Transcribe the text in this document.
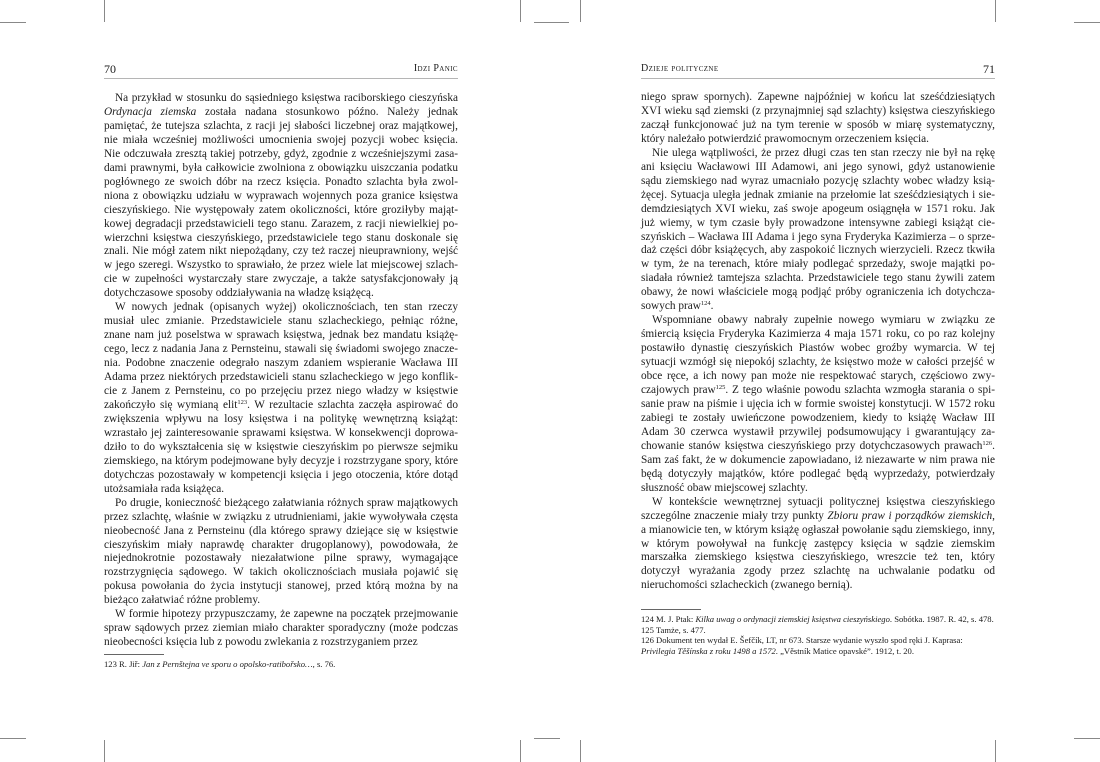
70	Idzi Panic

Na przykład w stosunku do sąsiedniego księstwa raciborskiego cieszyńska Ordynacja ziemska została nadana stosunkowo późno. Należy jednak pamiętać, że tutejsza szlachta, z racji jej słabości liczebnej oraz majątkowej, nie miała wcześniej możliwości umocnienia swojej pozycji wobec księcia. Nie odczuwała zresztą takiej potrzeby, gdyż, zgodnie z wcześniejszymi zasadami prawnymi, była całkowicie zwolniona z obowiązku uiszczania podatku pogłównego ze swoich dóbr na rzecz księcia. Ponadto szlachta była zwolniona z obowiązku udziału w wyprawach wojennych poza granice księstwa cieszyńskiego. Nie występowały zatem okoliczności, które groziłyby majątkowej degradacji przedstawicieli tego stanu. Zarazem, z racji niewielkiej powierzchni księstwa cieszyńskiego, przedstawiciele tego stanu doskonale się znali. Nie mógł zatem nikt niepożądany, czy też raczej nieuprawniony, wejść w jego szeregi. Wszystko to sprawiało, że przez wiele lat miejscowej szlachcie w zupełności wystarczały stare zwyczaje, a także satysfakcjonowały ją dotychczasowe sposoby oddziaływania na władzę książęcą.

W nowych jednak (opisanych wyżej) okolicznościach, ten stan rzeczy musiał ulec zmianie. Przedstawiciele stanu szlacheckiego, pełniąc różne, znane nam już poselstwa w sprawach księstwa, jednak bez mandatu książęcego, lecz z nadania Jana z Pernsteinu, stawali się świadomi swojego znaczenia. Podobne znaczenie odegrało naszym zdaniem wspieranie Wacława III Adama przez niektórych przedstawicieli stanu szlacheckiego w jego konflikcie z Janem z Pernsteinu, co po przejęciu przez niego władzy w księstwie zakończyło się wymianą elit$^{123}$. W rezultacie szlachta zaczęła aspirować do zwiększenia wpływu na losy księstwa i na politykę wewnętrzną książąt: wzrastało jej zainteresowanie sprawami księstwa. W konsekwencji doprowadziło to do wykształcenia się w księstwie cieszyńskim po pierwsze sejmiku ziemskiego, na którym podejmowane były decyzje i rozstrzygane spory, które dotychczas pozostawały w kompetencji księcia i jego otoczenia, które dotąd utożsamiała rada książęca.

Po drugie, konieczność bieżącego załatwiania różnych spraw majątkowych przez szlachtę, właśnie w związku z utrudnieniami, jakie wywoływała częsta nieobecność Jana z Pernsteinu (dla którego sprawy dziejące się w księstwie cieszyńskim miały naprawdę charakter drugoplanowy), powodowała, że niejednokrotnie pozostawały niezałatwione pilne sprawy, wymagające rozstrzygnięcia sądowego. W takich okolicznościach musiała pojawić się pokusa powołania do życia instytucji stanowej, przed którą można by na bieżąco załatwiać różne problemy.

W formie hipotezy przypuszczamy, że zapewne na początek przejmowanie spraw sądowych przez ziemian miało charakter sporadyczny (może podczas nieobecności księcia lub z powodu zwlekania z rozstrzyganiem przez

123 R. Jiř: Jan z Pernštejna ve sporu o opolsko-ratibořsko…, s. 76.
Dzieje polityczne	71

niego spraw spornych). Zapewne najpóźniej w końcu lat sześćdziesiątych XVI wieku sąd ziemski (z przynajmniej sąd szlachty) księstwa cieszyńskiego zaczął funkcjonować już na tym terenie w sposób w miarę systematyczny, który należało potwierdzić prawomocnym orzeczeniem księcia.

Nie ulega wątpliwości, że przez długi czas ten stan rzeczy nie był na rękę ani księciu Wacławowi III Adamowi, ani jego synowi, gdyż ustanowienie sądu ziemskiego nad wyraz umacniało pozycję szlachty wobec władzy książęcej. Sytuacja uległa jednak zmianie na przełomie lat sześćdziesiątych i siedemdziesiątych XVI wieku, zaś swoje apogeum osiągnęła w 1571 roku. Jak już wiemy, w tym czasie były prowadzone intensywne zabiegi książąt cieszyńskich – Wacława III Adama i jego syna Fryderyka Kazimierza – o sprzedaż części dóbr książęcych, aby zaspokoić licznych wierzycieli. Rzecz tkwiła w tym, że na terenach, które miały podlegać sprzedaży, swoje majątki posiadała również tamtejsza szlachta. Przedstawiciele tego stanu żywili zatem obawy, że nowi właściciele mogą podjąć próby ograniczenia ich dotychczasowych praw$^{124}$.

Wspomniane obawy nabrały zupełnie nowego wymiaru w związku ze śmiercią księcia Fryderyka Kazimierza 4 maja 1571 roku, co po raz kolejny postawiło dynastię cieszyńskich Piastów wobec groźby wymarcia. W tej sytuacji wzmógł się niepokój szlachty, że księstwo może w całości przejść w obce ręce, a ich nowy pan może nie respektować starych, częściowo zwyczajowych praw$^{125}$. Z tego właśnie powodu szlachta wzmogła starania o spisanie praw na piśmie i ujęcia ich w formie swoistej konstytucji. W 1572 roku zabiegi te zostały uwieńczone powodzeniem, kiedy to książę Wacław III Adam 30 czerwca wystawił przywilej podsumowujący i gwarantujący zachowanie stanów księstwa cieszyńskiego przy dotychczasowych prawach$^{126}$. Sam zaś fakt, że w dokumencie zapowiadano, iż niezawarte w nim prawa nie będą dotyczyły majątków, które podlegać będą wyprzedaży, potwierdzały słuszność obaw miejscowej szlachty.

W kontekście wewnętrznej sytuacji politycznej księstwa cieszyńskiego szczególne znaczenie miały trzy punkty Zbioru praw i porządków ziemskich, a mianowicie ten, w którym książę ogłaszał powołanie sądu ziemskiego, inny, w którym powoływał na funkcję zastępcy księcia w sądzie ziemskim marszałka ziemskiego księstwa cieszyńskiego, wreszcie też ten, który dotyczył wyrażania zgody przez szlachtę na uchwalanie podatku od nieruchomości szlacheckich (zwanego bernią).

124 M. J. Ptak: Kilka uwag o ordynacji ziemskiej księstwa cieszyńskiego. Sobótka. 1987. R. 42, s. 478.
125 Tamże, s. 477.
126 Dokument ten wydał E. Šefčík, LT, nr 673. Starsze wydanie wyszło spod ręki J. Kaprasa: Privilegia Těšínska z roku 1498 a 1572. „Věstník Matice opavské”. 1912, t. 20.
